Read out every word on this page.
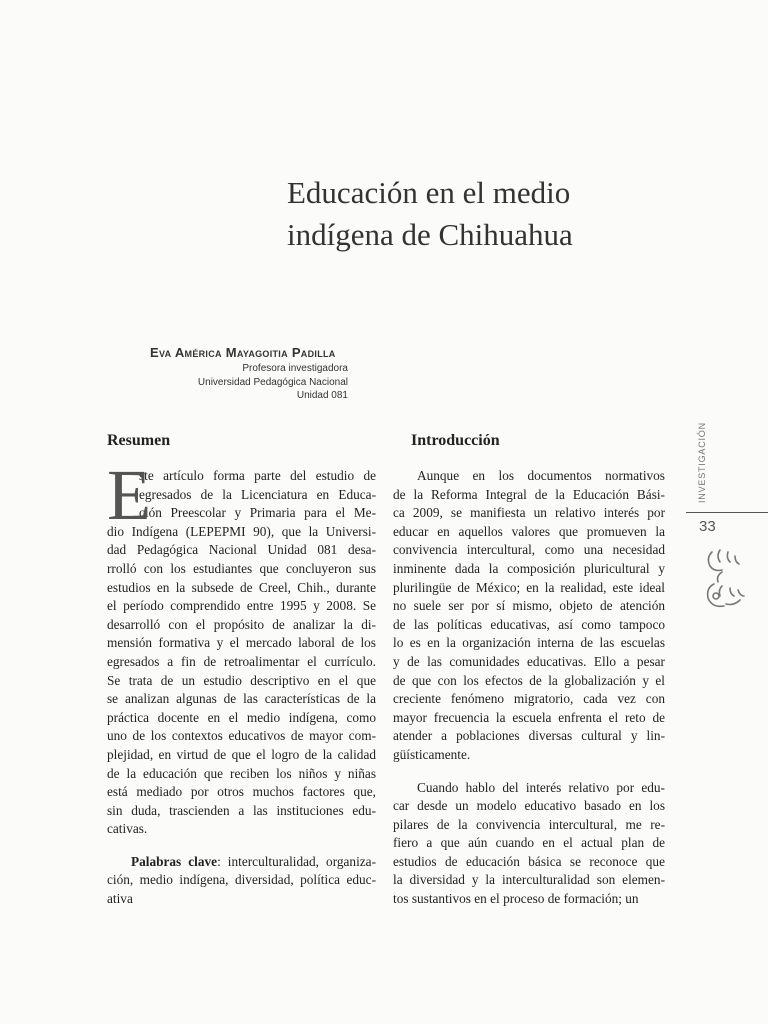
Educación en el medio
indígena de Chihuahua
Eva América Mayagoitia Padilla
Profesora investigadora
Universidad Pedagógica Nacional
Unidad 081
Resumen	Introducción
E
ste artículo forma parte del estudio de
egresados de la Licenciatura en Educa-
ción Preescolar y Primaria para el Me-
dio Indígena (LEPEPMI 90), que la Universi-
dad Pedagógica Nacional Unidad 081 desa-
rrolló con los estudiantes que concluyeron sus
estudios en la subsede de Creel, Chih., durante
el período comprendido entre 1995 y 2008. Se
desarrolló con el propósito de analizar la di-
mensión formativa y el mercado laboral de los
egresados a fin de retroalimentar el currículo.
Se trata de un estudio descriptivo en el que
se analizan algunas de las características de la
práctica docente en el medio indígena, como
uno de los contextos educativos de mayor com-
plejidad, en virtud de que el logro de la calidad
de la educación que reciben los niños y niñas
está mediado por otros muchos factores que,
sin duda, trascienden a las instituciones edu-
cativas.
Palabras clave: interculturalidad, organiza-
ción, medio indígena, diversidad, política educ-
ativa
Aunque en los documentos normativos
de la Reforma Integral de la Educación Bási-
ca 2009, se manifiesta un relativo interés por
educar en aquellos valores que promueven la
convivencia intercultural, como una necesidad
inminente dada la composición pluricultural y
plurilingüe de México; en la realidad, este ideal
no suele ser por sí mismo, objeto de atención
de las políticas educativas, así como tampoco
lo es en la organización interna de las escuelas
y de las comunidades educativas. Ello a pesar
de que con los efectos de la globalización y el
creciente fenómeno migratorio, cada vez con
mayor frecuencia la escuela enfrenta el reto de
atender a poblaciones diversas cultural y lin-
güísticamente.
Cuando hablo del interés relativo por edu-
car desde un modelo educativo basado en los
pilares de la convivencia intercultural, me re-
fiero a que aún cuando en el actual plan de
estudios de educación básica se reconoce que
la diversidad y la interculturalidad son elemen-
tos sustantivos en el proceso de formación; un
INVESTIGACIÓN
33
